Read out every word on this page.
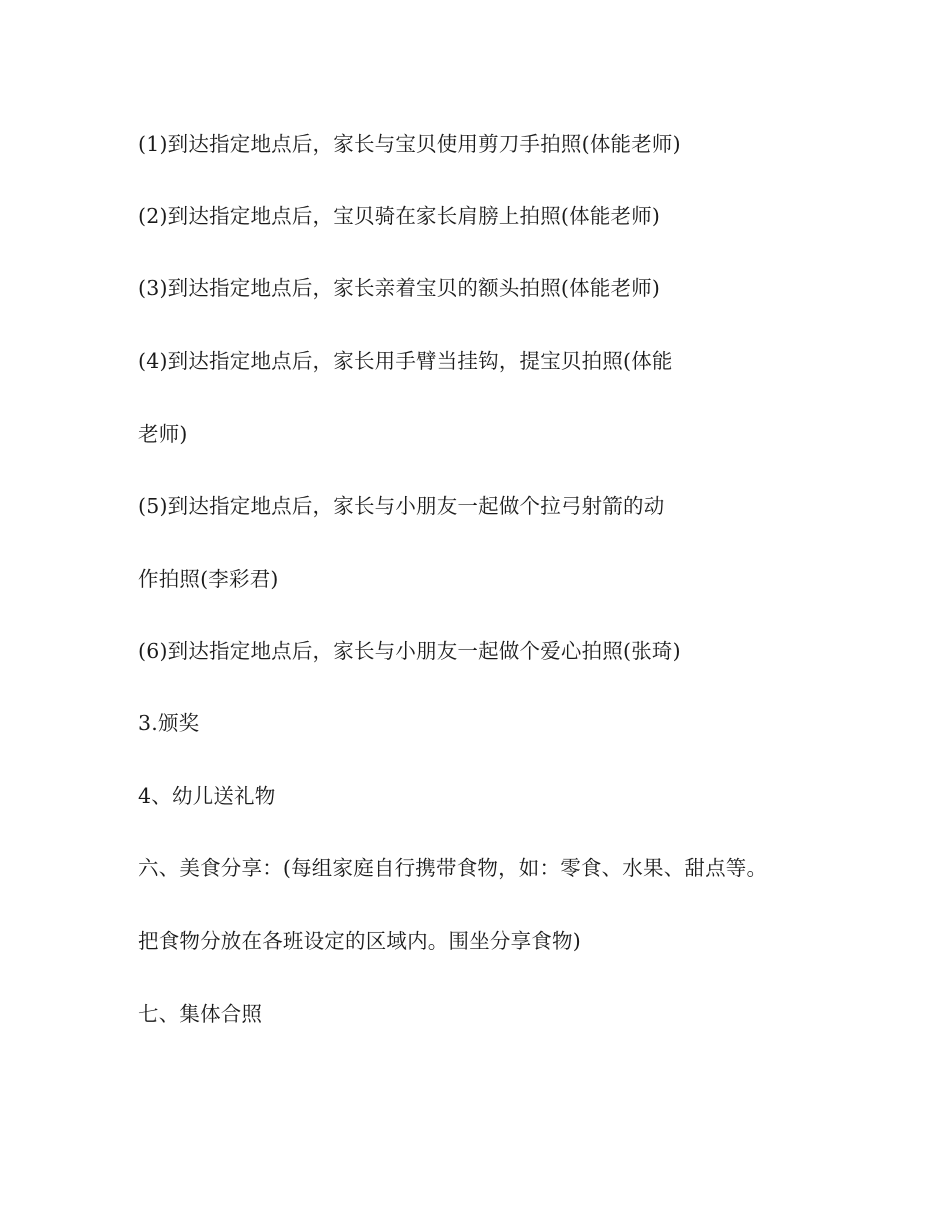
(1)到达指定地点后，家长与宝贝使用剪刀手拍照(体能老师)
(2)到达指定地点后，宝贝骑在家长肩膀上拍照(体能老师)
(3)到达指定地点后，家长亲着宝贝的额头拍照(体能老师)
(4)到达指定地点后，家长用手臂当挂钩，提宝贝拍照(体能
老师)
(5)到达指定地点后，家长与小朋友一起做个拉弓射箭的动
作拍照(李彩君)
(6)到达指定地点后，家长与小朋友一起做个爱心拍照(张琦)
3.颁奖
4、幼儿送礼物
六、美食分享：(每组家庭自行携带食物，如：零食、水果、甜点等。
把食物分放在各班设定的区域内。围坐分享食物)
七、集体合照
